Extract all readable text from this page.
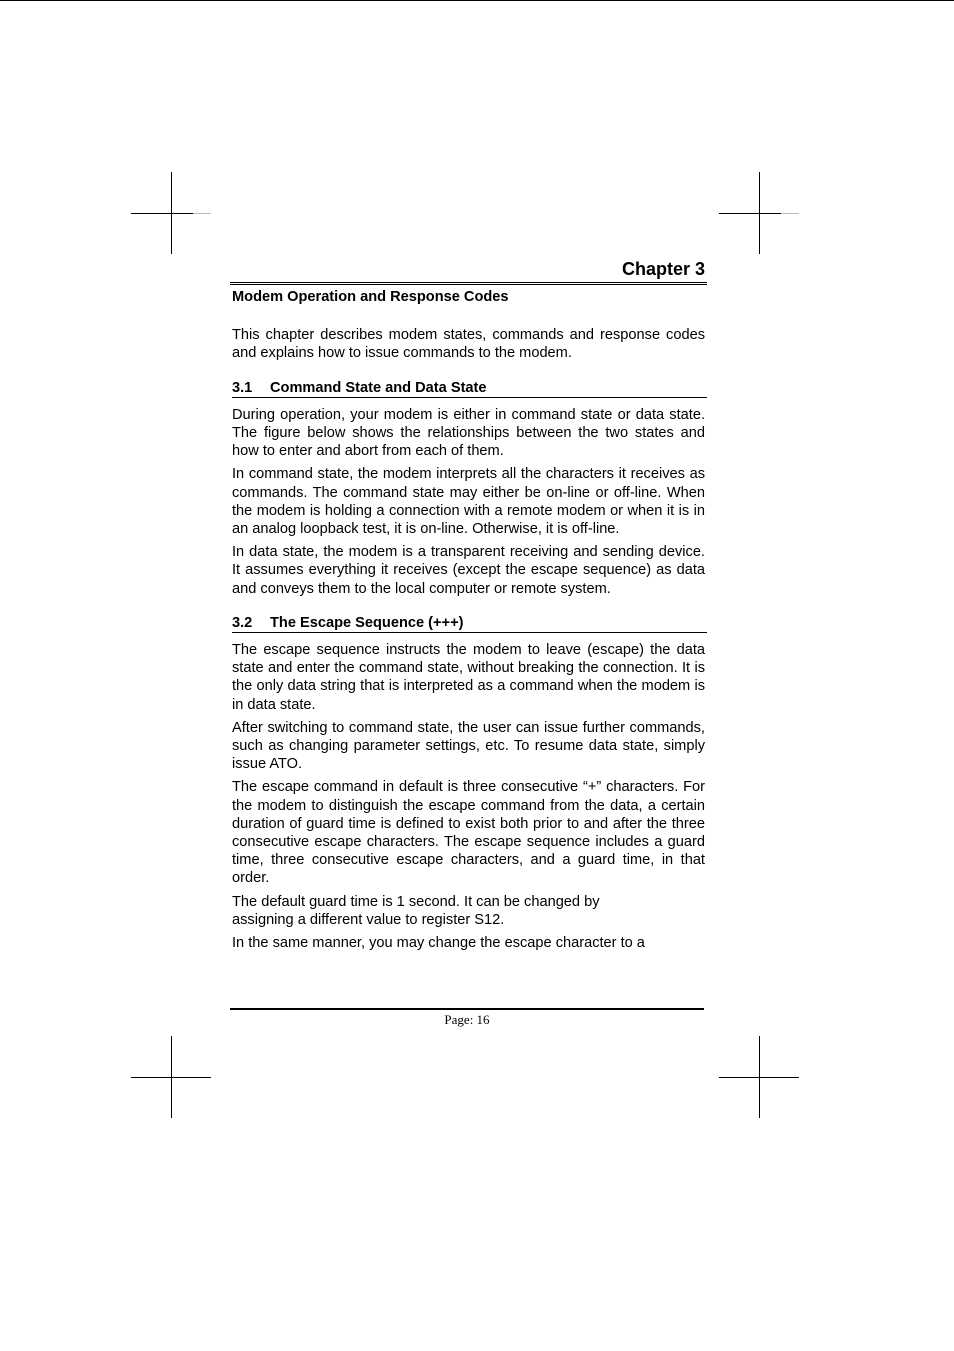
Chapter 3
Modem Operation and Response Codes

This chapter describes modem states, commands and response codes and explains how to issue commands to the modem.

3.1 Command State and Data State

During operation, your modem is either in command state or data state. The figure below shows the relationships between the two states and how to enter and abort from each of them.

In command state, the modem interprets all the characters it receives as commands. The command state may either be on-line or off-line. When the modem is holding a connection with a remote modem or when it is in an analog loopback test, it is on-line. Otherwise, it is off-line.

In data state, the modem is a transparent receiving and sending device. It assumes everything it receives (except the escape sequence) as data and conveys them to the local computer or remote system.

3.2 The Escape Sequence (+++)

The escape sequence instructs the modem to leave (escape) the data state and enter the command state, without breaking the connection. It is the only data string that is interpreted as a command when the modem is in data state.

After switching to command state, the user can issue further commands, such as changing parameter settings, etc. To resume data state, simply issue ATO.

The escape command in default is three consecutive “+” characters. For the modem to distinguish the escape command from the data, a certain duration of guard time is defined to exist both prior to and after the three consecutive escape characters. The escape sequence includes a guard time, three consecutive escape characters, and a guard time, in that order.

The default guard time is 1 second. It can be changed by

assigning a different value to register S12.

In the same manner, you may change the escape character to a

Page: 16
